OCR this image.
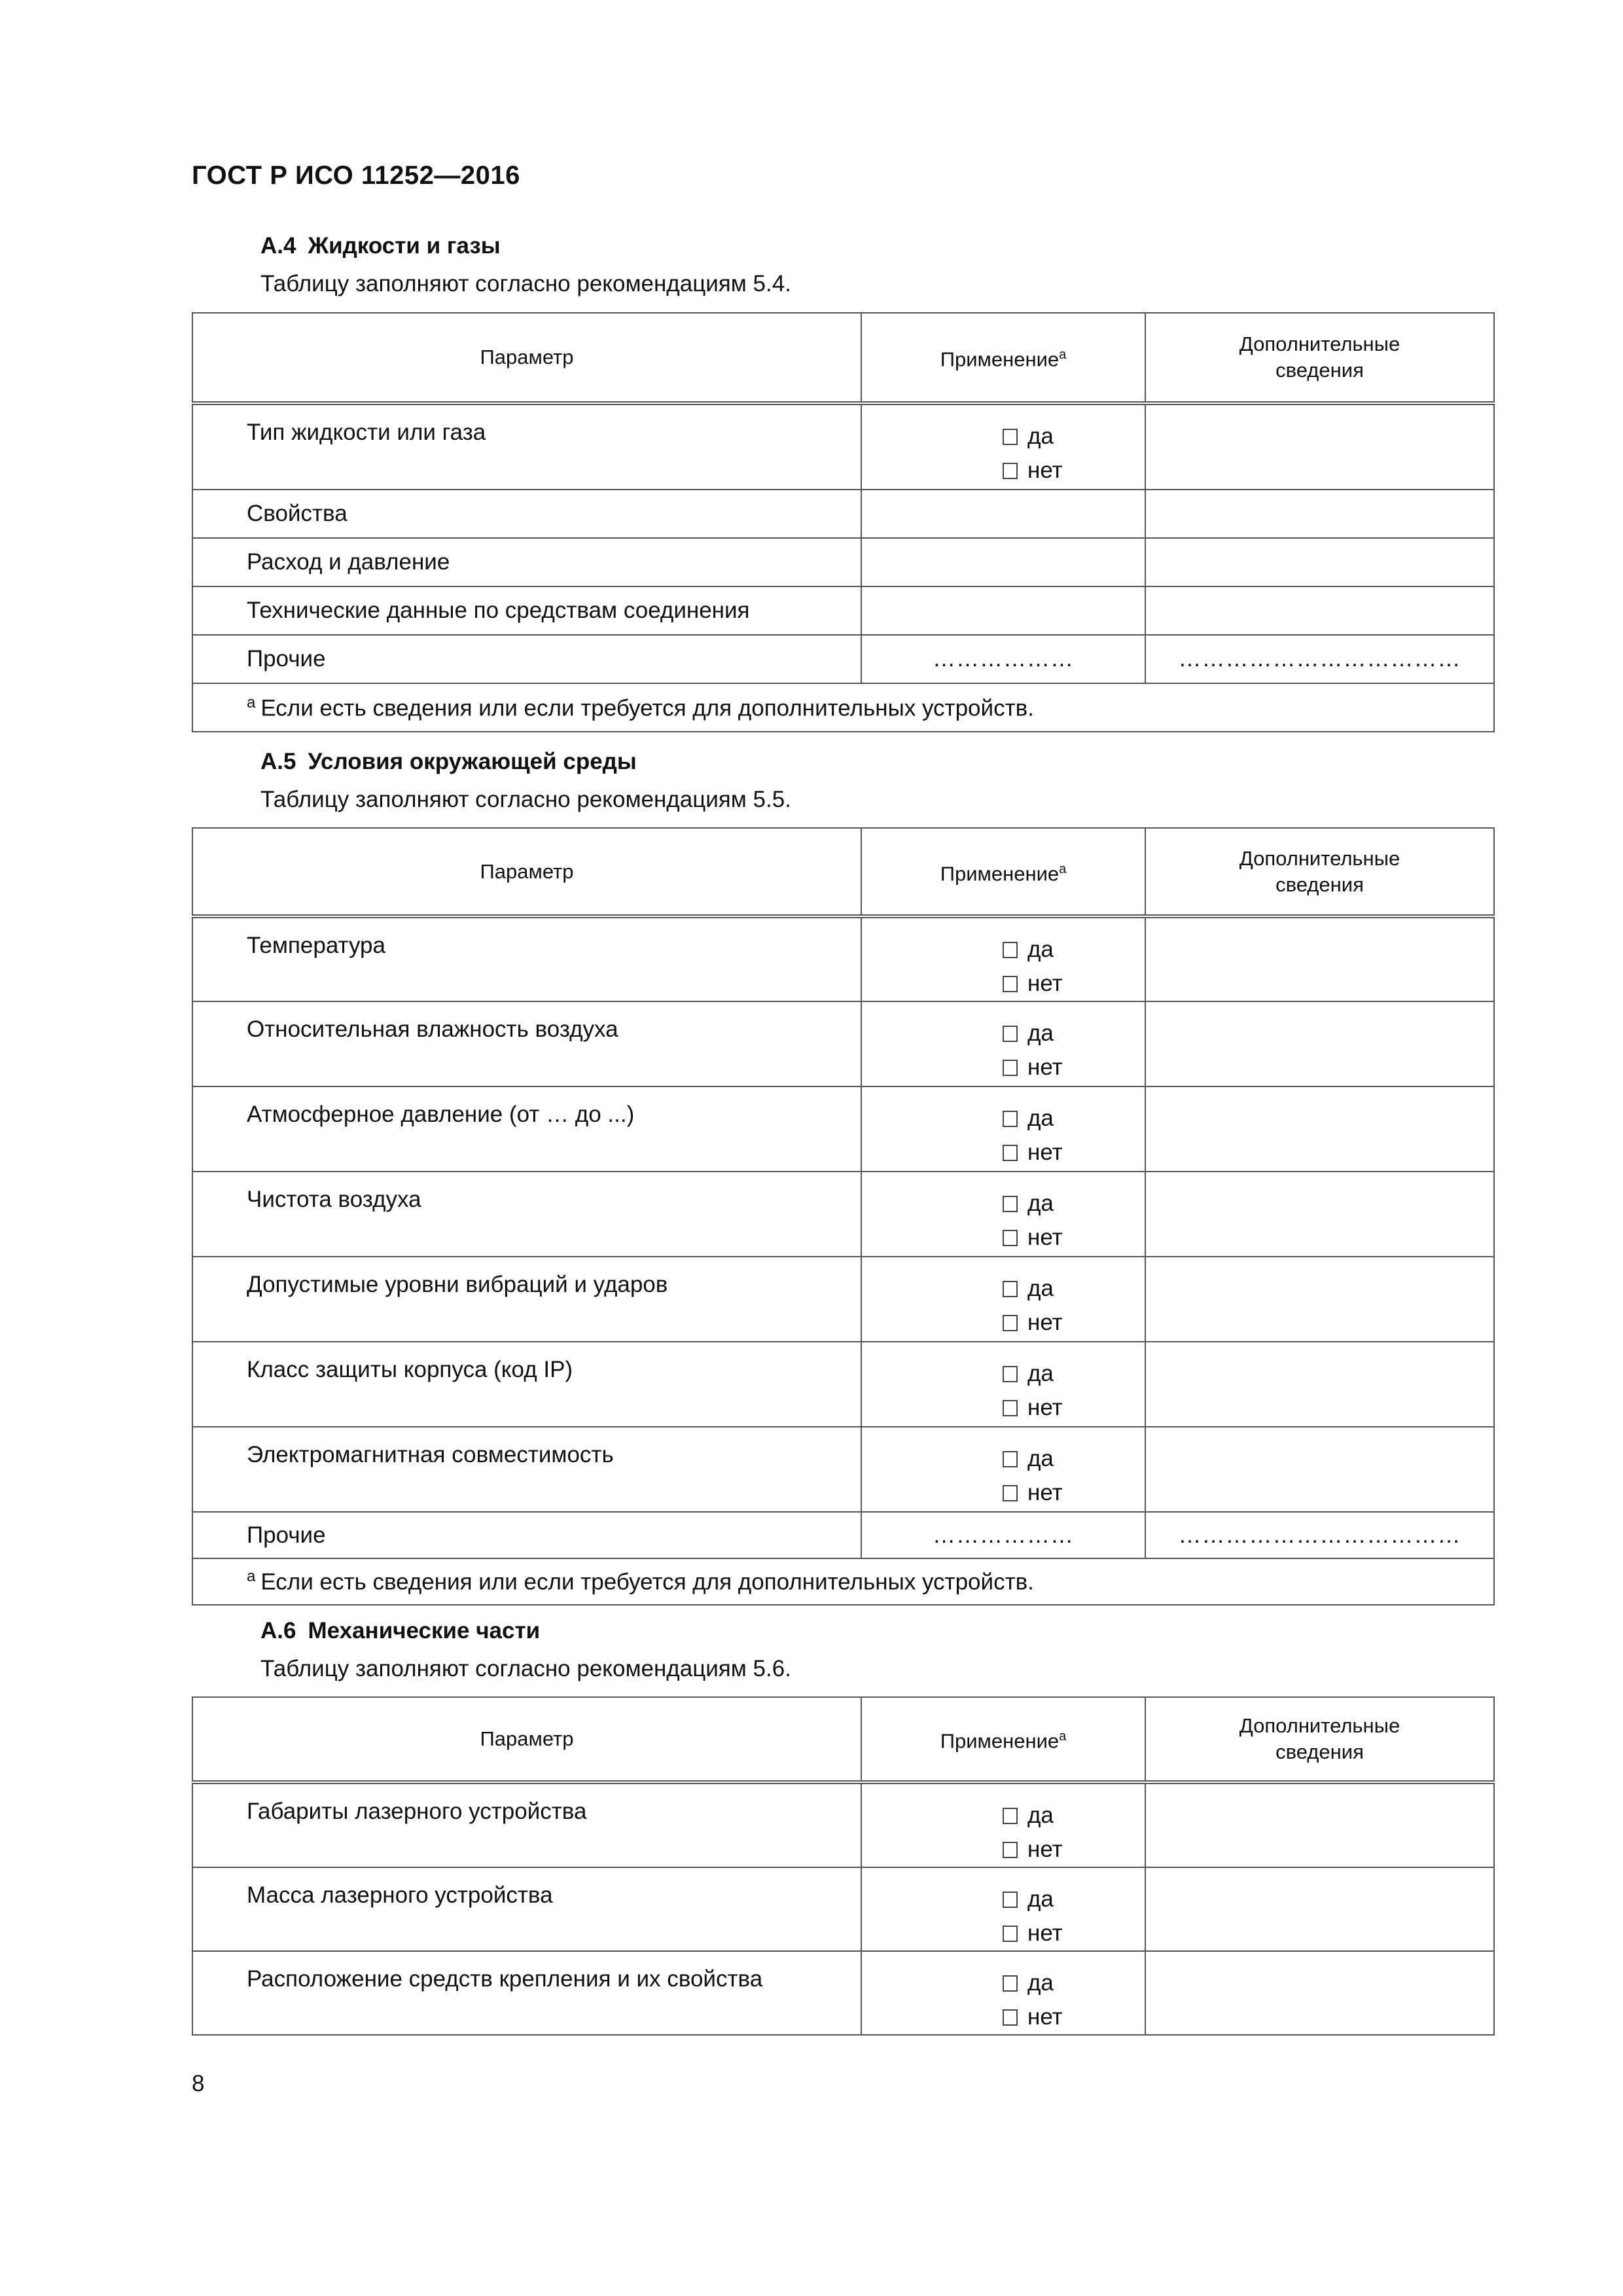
ГОСТ Р ИСО 11252—2016
А.4 Жидкости и газы
Таблицу заполняют согласно рекомендациям 5.4.
Параметр	Применение$^a$	Дополнительные
сведения
Тип жидкости или газа	да
нет	

Свойства		
Расход и давление		
Технические данные по средствам соединения		
Прочие	………………	………………………………
$^a$ Если есть сведения или если требуется для дополнительных устройств.		
А.5 Условия окружающей среды
Таблицу заполняют согласно рекомендациям 5.5.
Параметр	Применение$^a$	Дополнительные
сведения
Температура	да
нет	

Относительная влажность воздуха	да
нет	

Атмосферное давление (от … до ...)	да
нет	

Чистота воздуха	да
нет	

Допустимые уровни вибраций и ударов	да
нет	

Класс защиты корпуса (код IP)	да
нет	

Электромагнитная совместимость	да
нет	

Прочие	………………	………………………………
$^a$ Если есть сведения или если требуется для дополнительных устройств.		
А.6 Механические части
Таблицу заполняют согласно рекомендациям 5.6.
Параметр	Применение$^a$	Дополнительные
сведения
Габариты лазерного устройства	да
нет	

Масса лазерного устройства	да
нет	

Расположение средств крепления и их свойства	да
нет	

8
